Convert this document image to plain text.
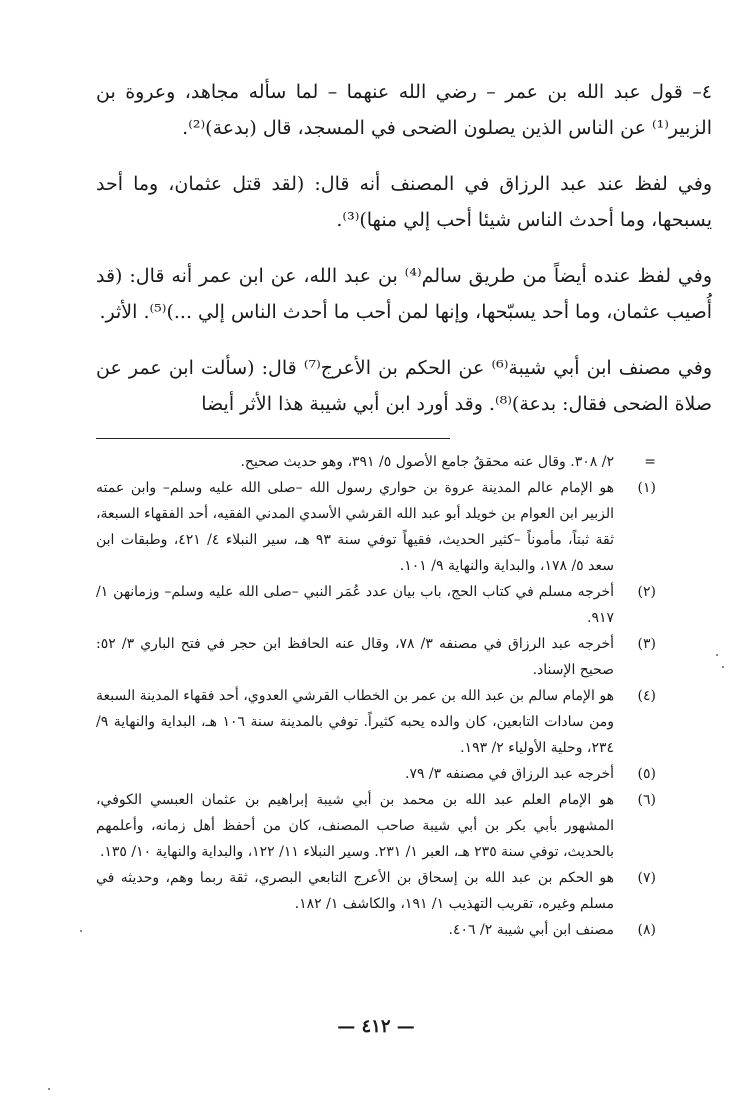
٤– قول عبد الله بن عمر – رضي الله عنهما – لما سأله مجاهد، وعروة بن الزبير⁽¹⁾ عن الناس الذين يصلون الضحى في المسجد، قال (بدعة)⁽²⁾.

وفي لفظ عند عبد الرزاق في المصنف أنه قال: (لقد قتل عثمان، وما أحد يسبحها، وما أحدث الناس شيئا أحب إلي منها)⁽³⁾.

وفي لفظ عنده أيضاً من طريق سالم⁽⁴⁾ بن عبد الله، عن ابن عمر أنه قال: (قد أُصيب عثمان، وما أحد يسبّحها، وإنها لمن أحب ما أحدث الناس إلي ...)⁽⁵⁾. الأثر.

وفي مصنف ابن أبي شيبة⁽⁶⁾ عن الحكم بن الأعرج⁽⁷⁾ قال: (سألت ابن عمر عن صلاة الضحى فقال: بدعة)⁽⁸⁾. وقد أورد ابن أبي شيبة هذا الأثر أيضا

=
٢/ ٣٠٨. وقال عنه محققُ جامع الأصول ٥/ ٣٩١، وهو حديث صحيح.
(١)
هو الإمام عالم المدينة عروة بن حواري رسول الله –صلى الله عليه وسلم– وابن عمته الزبير ابن العوام بن خويلد أبو عبد الله القرشي الأسدي المدني الفقيه، أحد الفقهاء السبعة، ثقة ثبتاً، مأموناً –كثير الحديث، فقيهاً توفي سنة ٩٣ هـ، سير النبلاء ٤/ ٤٢١، وطبقات ابن سعد ٥/ ١٧٨، والبداية والنهاية ٩/ ١٠١.
(٢)
أخرجه مسلم في كتاب الحج، باب بيان عدد عُمَر النبي –صلى الله عليه وسلم– وزمانهن ١/ ٩١٧.
(٣)
أخرجه عبد الرزاق في مصنفه ٣/ ٧٨، وقال عنه الحافظ ابن حجر في فتح الباري ٣/ ٥٢: صحيح الإسناد.
(٤)
هو الإمام سالم بن عبد الله بن عمر بن الخطاب القرشي العدوي، أحد فقهاء المدينة السبعة ومن سادات التابعين، كان والده يحبه كثيراً. توفي بالمدينة سنة ١٠٦ هـ، البداية والنهاية ٩/ ٢٣٤، وحلية الأولياء ٢/ ١٩٣.
(٥)
أخرجه عبد الرزاق في مصنفه ٣/ ٧٩.
(٦)
هو الإمام العلم عبد الله بن محمد بن أبي شيبة إبراهيم بن عثمان العبسي الكوفي، المشهور بأبي بكر بن أبي شيبة صاحب المصنف، كان من أحفظ أهل زمانه، وأعلمهم بالحديث، توفي سنة ٢٣٥ هـ، العبر ١/ ٢٣١. وسير النبلاء ١١/ ١٢٢، والبداية والنهاية ١٠/ ١٣٥.
(٧)
هو الحكم بن عبد الله بن إسحاق بن الأعرج التابعي البصري، ثقة ربما وهم، وحديثه في مسلم وغيره، تقريب التهذيب ١/ ١٩١، والكاشف ١/ ١٨٢.
(٨)
مصنف ابن أبي شيبة ٢/ ٤٠٦.
— ٤١٢ —
